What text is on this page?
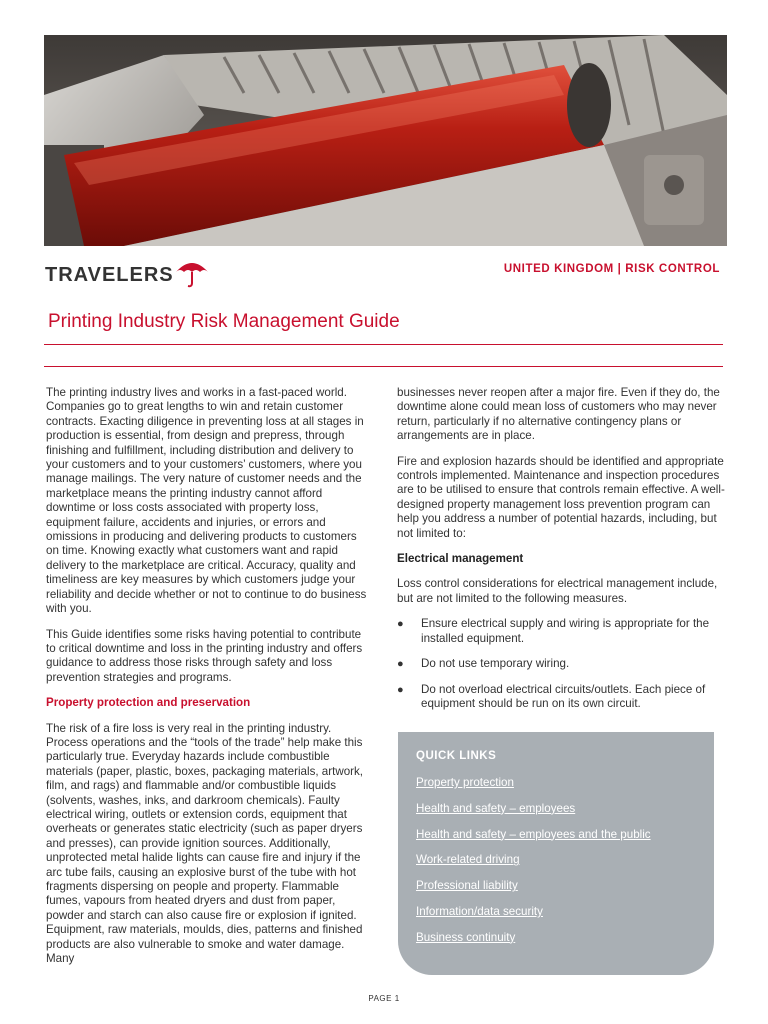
TRAVELERS	UNITED KINGDOM | RISK CONTROL
Printing Industry Risk Management Guide

The printing industry lives and works in a fast-paced world. Companies go to great lengths to win and retain customer contracts. Exacting diligence in preventing loss at all stages in production is essential, from design and prepress, through finishing and fulfillment, including distribution and delivery to your customers and to your customers’ customers, where you manage mailings. The very nature of customer needs and the marketplace means the printing industry cannot afford downtime or loss costs associated with property loss, equipment failure, accidents and injuries, or errors and omissions in producing and delivering products to customers on time. Knowing exactly what customers want and rapid delivery to the marketplace are critical. Accuracy, quality and timeliness are key measures by which customers judge your reliability and decide whether or not to continue to do business with you.

This Guide identifies some risks having potential to contribute to critical downtime and loss in the printing industry and offers guidance to address those risks through safety and loss prevention strategies and programs.

Property protection and preservation

The risk of a fire loss is very real in the printing industry. Process operations and the “tools of the trade” help make this particularly true. Everyday hazards include combustible materials (paper, plastic, boxes, packaging materials, artwork, film, and rags) and flammable and/or combustible liquids (solvents, washes, inks, and darkroom chemicals). Faulty electrical wiring, outlets or extension cords, equipment that overheats or generates static electricity (such as paper dryers and presses), can provide ignition sources. Additionally, unprotected metal halide lights can cause fire and injury if the arc tube fails, causing an explosive burst of the tube with hot fragments dispersing on people and property. Flammable fumes, vapours from heated dryers and dust from paper, powder and starch can also cause fire or explosion if ignited. Equipment, raw materials, moulds, dies, patterns and finished products are also vulnerable to smoke and water damage. Many

businesses never reopen after a major fire. Even if they do, the downtime alone could mean loss of customers who may never return, particularly if no alternative contingency plans or arrangements are in place.

Fire and explosion hazards should be identified and appropriate controls implemented. Maintenance and inspection procedures are to be utilised to ensure that controls remain effective. A well-designed property management loss prevention program can help you address a number of potential hazards, including, but not limited to:

Electrical management

Loss control considerations for electrical management include, but are not limited to the following measures.

● Ensure electrical supply and wiring is appropriate for the installed equipment.
● Do not use temporary wiring.
● Do not overload electrical circuits/outlets. Each piece of equipment should be run on its own circuit.
QUICK LINKS
Property protection
Health and safety – employees
Health and safety – employees and the public
Work-related driving
Professional liability
Information/data security
Business continuity
PAGE 1
